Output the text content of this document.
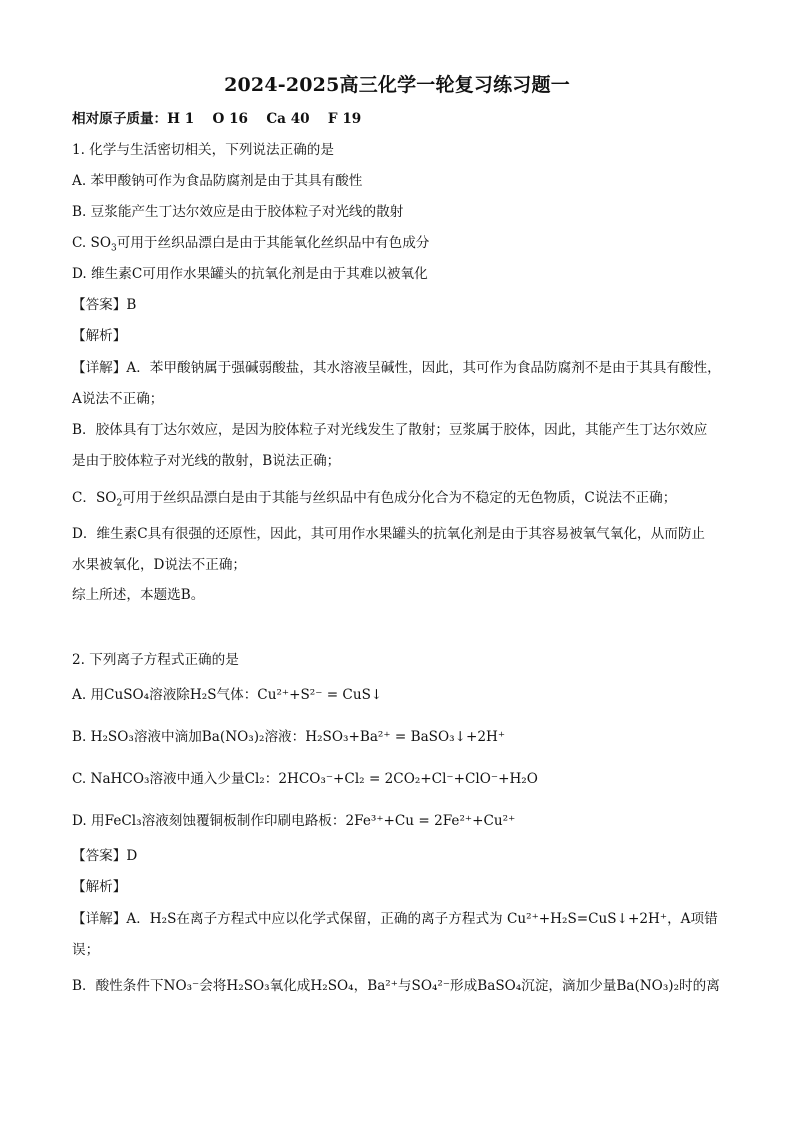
2024-2025高三化学一轮复习练习题一
相对原子质量：H 1　 O 16　 Ca 40　 F 19
1. 化学与生活密切相关，下列说法正确的是
A. 苯甲酸钠可作为食品防腐剂是由于其具有酸性
B. 豆浆能产生丁达尔效应是由于胶体粒子对光线的散射
C. $SO_3$可用于丝织品漂白是由于其能氧化丝织品中有色成分
D. 维生素C可用作水果罐头的抗氧化剂是由于其难以被氧化
【答案】B
【解析】
【详解】A．苯甲酸钠属于强碱弱酸盐，其水溶液呈碱性，因此，其可作为食品防腐剂不是由于其具有酸性，
A说法不正确；
B．胶体具有丁达尔效应，是因为胶体粒子对光线发生了散射；豆浆属于胶体，因此，其能产生丁达尔效应
是由于胶体粒子对光线的散射，B说法正确；
C．$SO_2$可用于丝织品漂白是由于其能与丝织品中有色成分化合为不稳定的无色物质，C说法不正确；
D．维生素C具有很强的还原性，因此，其可用作水果罐头的抗氧化剂是由于其容易被氧气氧化，从而防止
水果被氧化，D说法不正确；
综上所述，本题选B。
2. 下列离子方程式正确的是
A. 用CuSO₄溶液除H₂S气体：Cu²⁺+S²⁻ = CuS↓
B. H₂SO₃溶液中滴加Ba(NO₃)₂溶液：H₂SO₃+Ba²⁺ = BaSO₃↓+2H⁺
C. NaHCO₃溶液中通入少量Cl₂：2HCO₃⁻+Cl₂ = 2CO₂+Cl⁻+ClO⁻+H₂O
D. 用FeCl₃溶液刻蚀覆铜板制作印刷电路板：2Fe³⁺+Cu = 2Fe²⁺+Cu²⁺
【答案】D
【解析】
【详解】A．H₂S在离子方程式中应以化学式保留，正确的离子方程式为 Cu²⁺+H₂S=CuS↓+2H⁺，A项错
误；
B．酸性条件下NO₃⁻会将H₂SO₃氧化成H₂SO₄，Ba²⁺与SO₄²⁻形成BaSO₄沉淀，滴加少量Ba(NO₃)₂时的离
